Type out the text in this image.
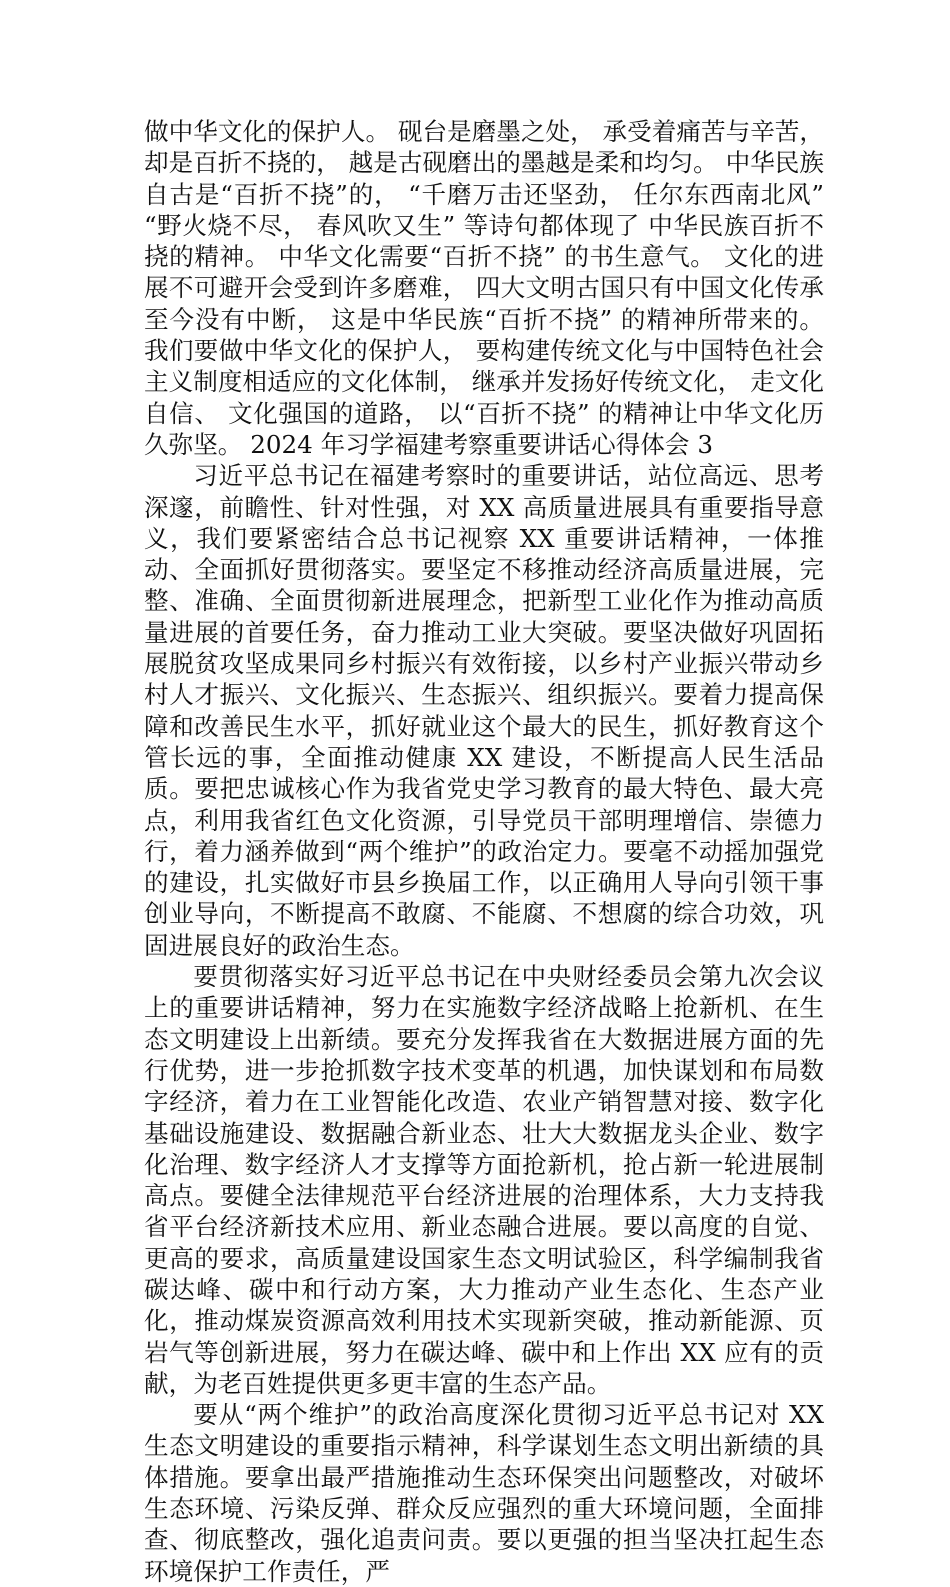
做中华文化的保护人。 砚台是磨墨之处， 承受着痛苦与辛苦， 却是百折不挠的， 越是古砚磨出的墨越是柔和均匀。 中华民族自古是“百折不挠”的， “千磨万击还坚劲， 任尔东西南北风” “野火烧不尽， 春风吹又生” 等诗句都体现了 中华民族百折不挠的精神。 中华文化需要“百折不挠” 的书生意气。 文化的进展不可避开会受到许多磨难， 四大文明古国只有中国文化传承至今没有中断， 这是中华民族“百折不挠” 的精神所带来的。 我们要做中华文化的保护人， 要构建传统文化与中国特色社会主义制度相适应的文化体制， 继承并发扬好传统文化， 走文化自信、 文化强国的道路， 以“百折不挠” 的精神让中华文化历久弥坚。 2024 年习学福建考察重要讲话心得体会 3

习近平总书记在福建考察时的重要讲话，站位高远、思考深邃，前瞻性、针对性强，对 XX 高质量进展具有重要指导意义，我们要紧密结合总书记视察 XX 重要讲话精神，一体推动、全面抓好贯彻落实。要坚定不移推动经济高质量进展，完整、准确、全面贯彻新进展理念，把新型工业化作为推动高质量进展的首要任务，奋力推动工业大突破。要坚决做好巩固拓展脱贫攻坚成果同乡村振兴有效衔接，以乡村产业振兴带动乡村人才振兴、文化振兴、生态振兴、组织振兴。要着力提高保障和改善民生水平，抓好就业这个最大的民生，抓好教育这个管长远的事，全面推动健康 XX 建设，不断提高人民生活品质。要把忠诚核心作为我省党史学习教育的最大特色、最大亮点，利用我省红色文化资源，引导党员干部明理增信、崇德力行，着力涵养做到“两个维护”的政治定力。要毫不动摇加强党的建设，扎实做好市县乡换届工作，以正确用人导向引领干事创业导向，不断提高不敢腐、不能腐、不想腐的综合功效，巩固进展良好的政治生态。

要贯彻落实好习近平总书记在中央财经委员会第九次会议上的重要讲话精神，努力在实施数字经济战略上抢新机、在生态文明建设上出新绩。要充分发挥我省在大数据进展方面的先行优势，进一步抢抓数字技术变革的机遇，加快谋划和布局数字经济，着力在工业智能化改造、农业产销智慧对接、数字化基础设施建设、数据融合新业态、壮大大数据龙头企业、数字化治理、数字经济人才支撑等方面抢新机，抢占新一轮进展制高点。要健全法律规范平台经济进展的治理体系，大力支持我省平台经济新技术应用、新业态融合进展。要以高度的自觉、更高的要求，高质量建设国家生态文明试验区，科学编制我省碳达峰、碳中和行动方案，大力推动产业生态化、生态产业化，推动煤炭资源高效利用技术实现新突破，推动新能源、页岩气等创新进展，努力在碳达峰、碳中和上作出 XX 应有的贡献，为老百姓提供更多更丰富的生态产品。

要从“两个维护”的政治高度深化贯彻习近平总书记对 XX 生态文明建设的重要指示精神，科学谋划生态文明出新绩的具体措施。要拿出最严措施推动生态环保突出问题整改，对破坏生态环境、污染反弹、群众反应强烈的重大环境问题，全面排查、彻底整改，强化追责问责。要以更强的担当坚决扛起生态环境保护工作责任，严
